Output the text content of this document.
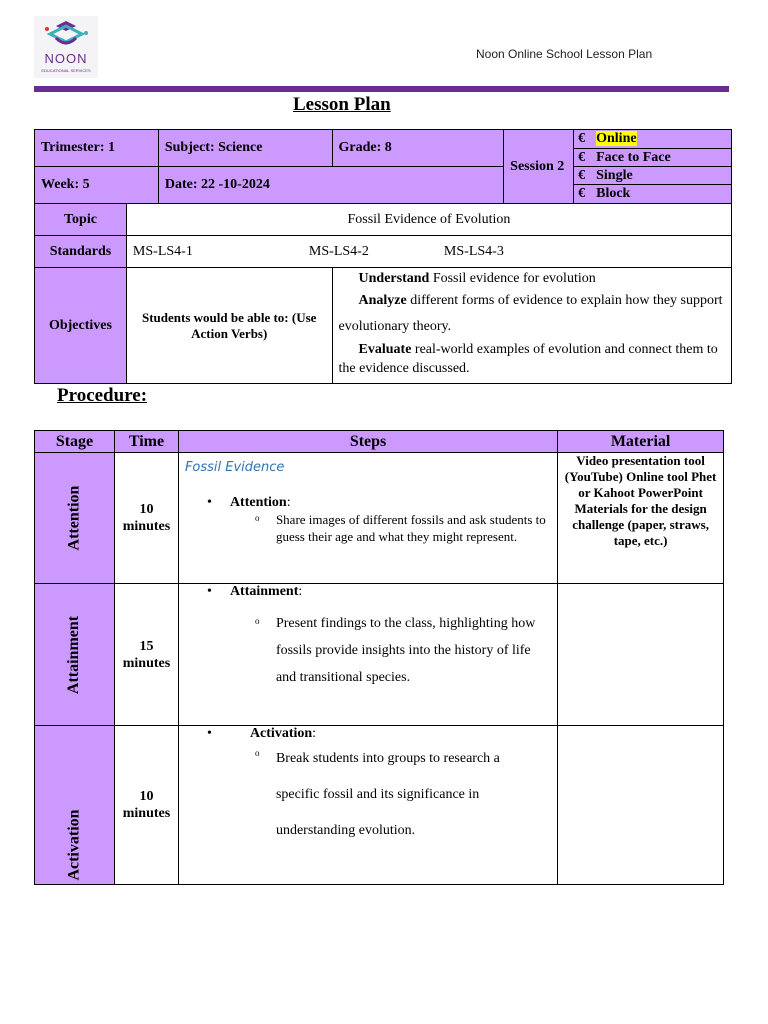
NOON
EDUCATIONAL SERVICES
Noon Online School Lesson Plan
Lesson Plan
Trimester: 1		Subject: Science	Grade: 8	Session 2	€ Online
					€ Face to Face
Week: 5		Date: 22 -10-2024			€ Single
					€ Block
Topic	Fossil Evidence of Evolution				
Standards	MS-LS4-1 MS-LS4-2 MS-LS4-3				
Objectives	Students would be able to: (Use Action Verbs)		Understand Fossil evidence for evolution
Analyze different forms of evidence to explain how they support evolutionary theory.
Evaluate real-world examples of evolution and connect them to the evidence discussed.		
Procedure:
Stage	Time	Steps	Material
Attention	10 minutes	Fossil Evidence
• Attention:
o Share images of different fossils and ask students to guess their age and what they might represent.	Video presentation tool (YouTube) Online tool Phet or Kahoot PowerPoint Materials for the design challenge (paper, straws, tape, etc.)
Attainment	15 minutes	• Attainment:
o Present findings to the class, highlighting how fossils provide insights into the history of life and transitional species.	

Activation	10 minutes	• Activation:
o Break students into groups to research a specific fossil and its significance in understanding evolution.	
